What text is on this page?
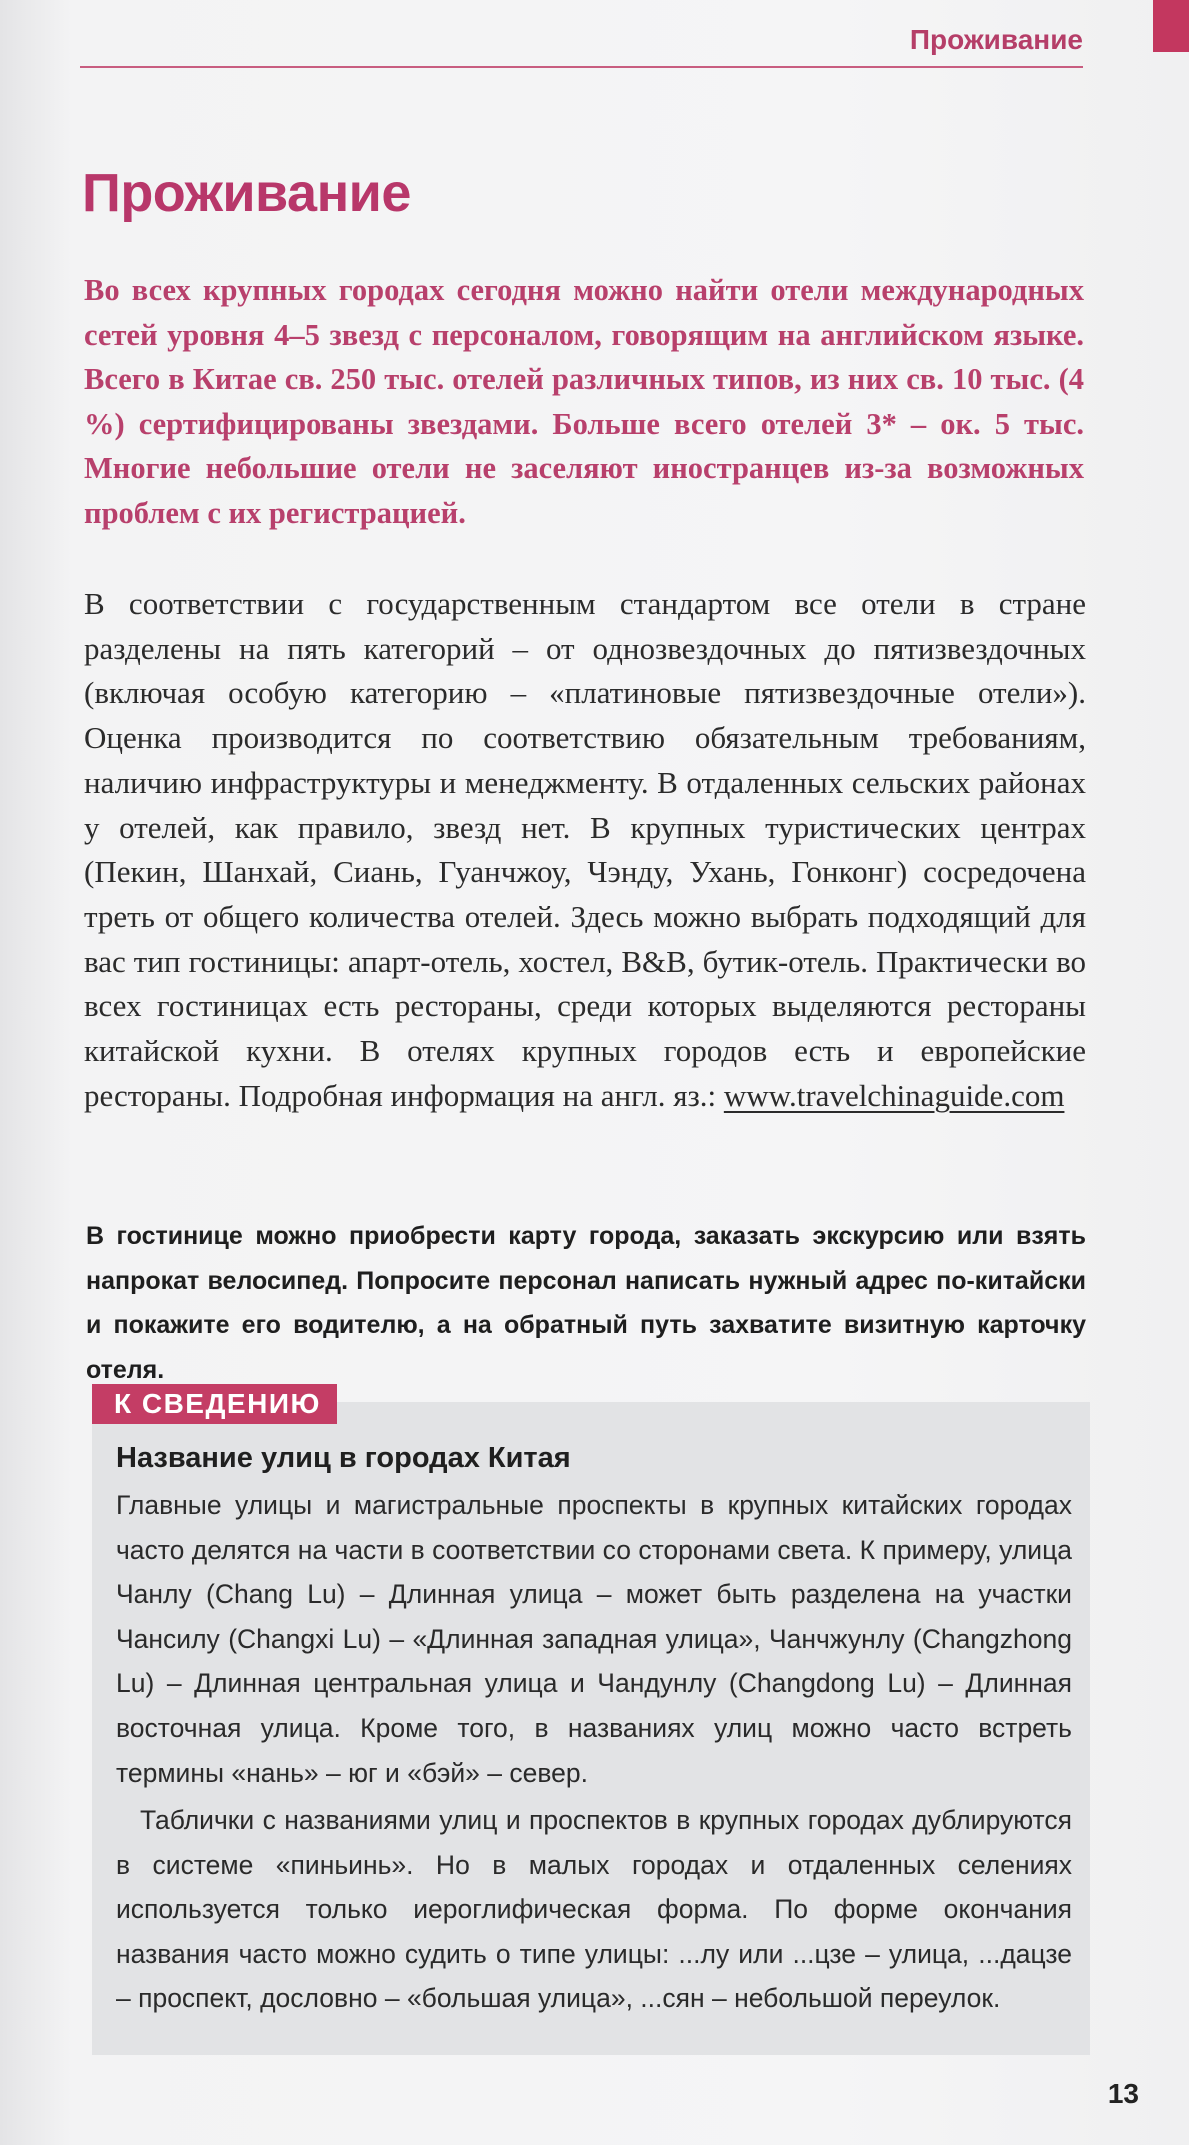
Проживание
Проживание

Во всех крупных городах сегодня можно найти отели международных сетей уровня 4–5 звезд с персоналом, говорящим на английском языке. Всего в Китае св. 250 тыс. отелей различных типов, из них св. 10 тыс. (4 %) сертифицированы звездами. Больше всего отелей 3* – ок. 5 тыс. Многие небольшие отели не заселяют иностранцев из-за возможных проблем с их регистрацией.

В соответствии с государственным стандартом все отели в стране разделены на пять категорий – от однозвездочных до пятизвездочных (включая особую категорию – «платиновые пятизвездочные отели»). Оценка производится по соответствию обязательным требованиям, наличию инфраструктуры и менеджменту. В отдаленных сельских районах у отелей, как правило, звезд нет. В крупных туристических центрах (Пекин, Шанхай, Сиань, Гуанчжоу, Чэнду, Ухань, Гонконг) сосредочена треть от общего количества отелей. Здесь можно выбрать подходящий для вас тип гостиницы: апарт-отель, хостел, B&B, бутик-отель. Практически во всех гостиницах есть рестораны, среди которых выделяются рестораны китайской кухни. В отелях крупных городов есть и европейские рестораны. Подробная информация на англ. яз.: www.travelchinaguide.com

В гостинице можно приобрести карту города, заказать экскурсию или взять напрокат велосипед. Попросите персонал написать нужный адрес по-китайски и покажите его водителю, а на обратный путь захватите визитную карточку отеля.

К СВЕДЕНИЮ
Название улиц в городах Китая

Главные улицы и магистральные проспекты в крупных китайских городах часто делятся на части в соответствии со сторонами света. К примеру, улица Чанлу (Chang Lu) – Длинная улица – может быть разделена на участки Чансилу (Changxi Lu) – «Длинная западная улица», Чанчжунлу (Changzhong Lu) – Длинная центральная улица и Чандунлу (Changdong Lu) – Длинная восточная улица. Кроме того, в названиях улиц можно часто встреть термины «нань» – юг и «бэй» – север.

Таблички с названиями улиц и проспектов в крупных городах дублируются в системе «пиньинь». Но в малых городах и отдаленных селениях используется только иероглифическая форма. По форме окончания названия часто можно судить о типе улицы: ...лу или ...цзе – улица, ...дацзе – проспект, дословно – «большая улица», ...сян – небольшой переулок.

13
